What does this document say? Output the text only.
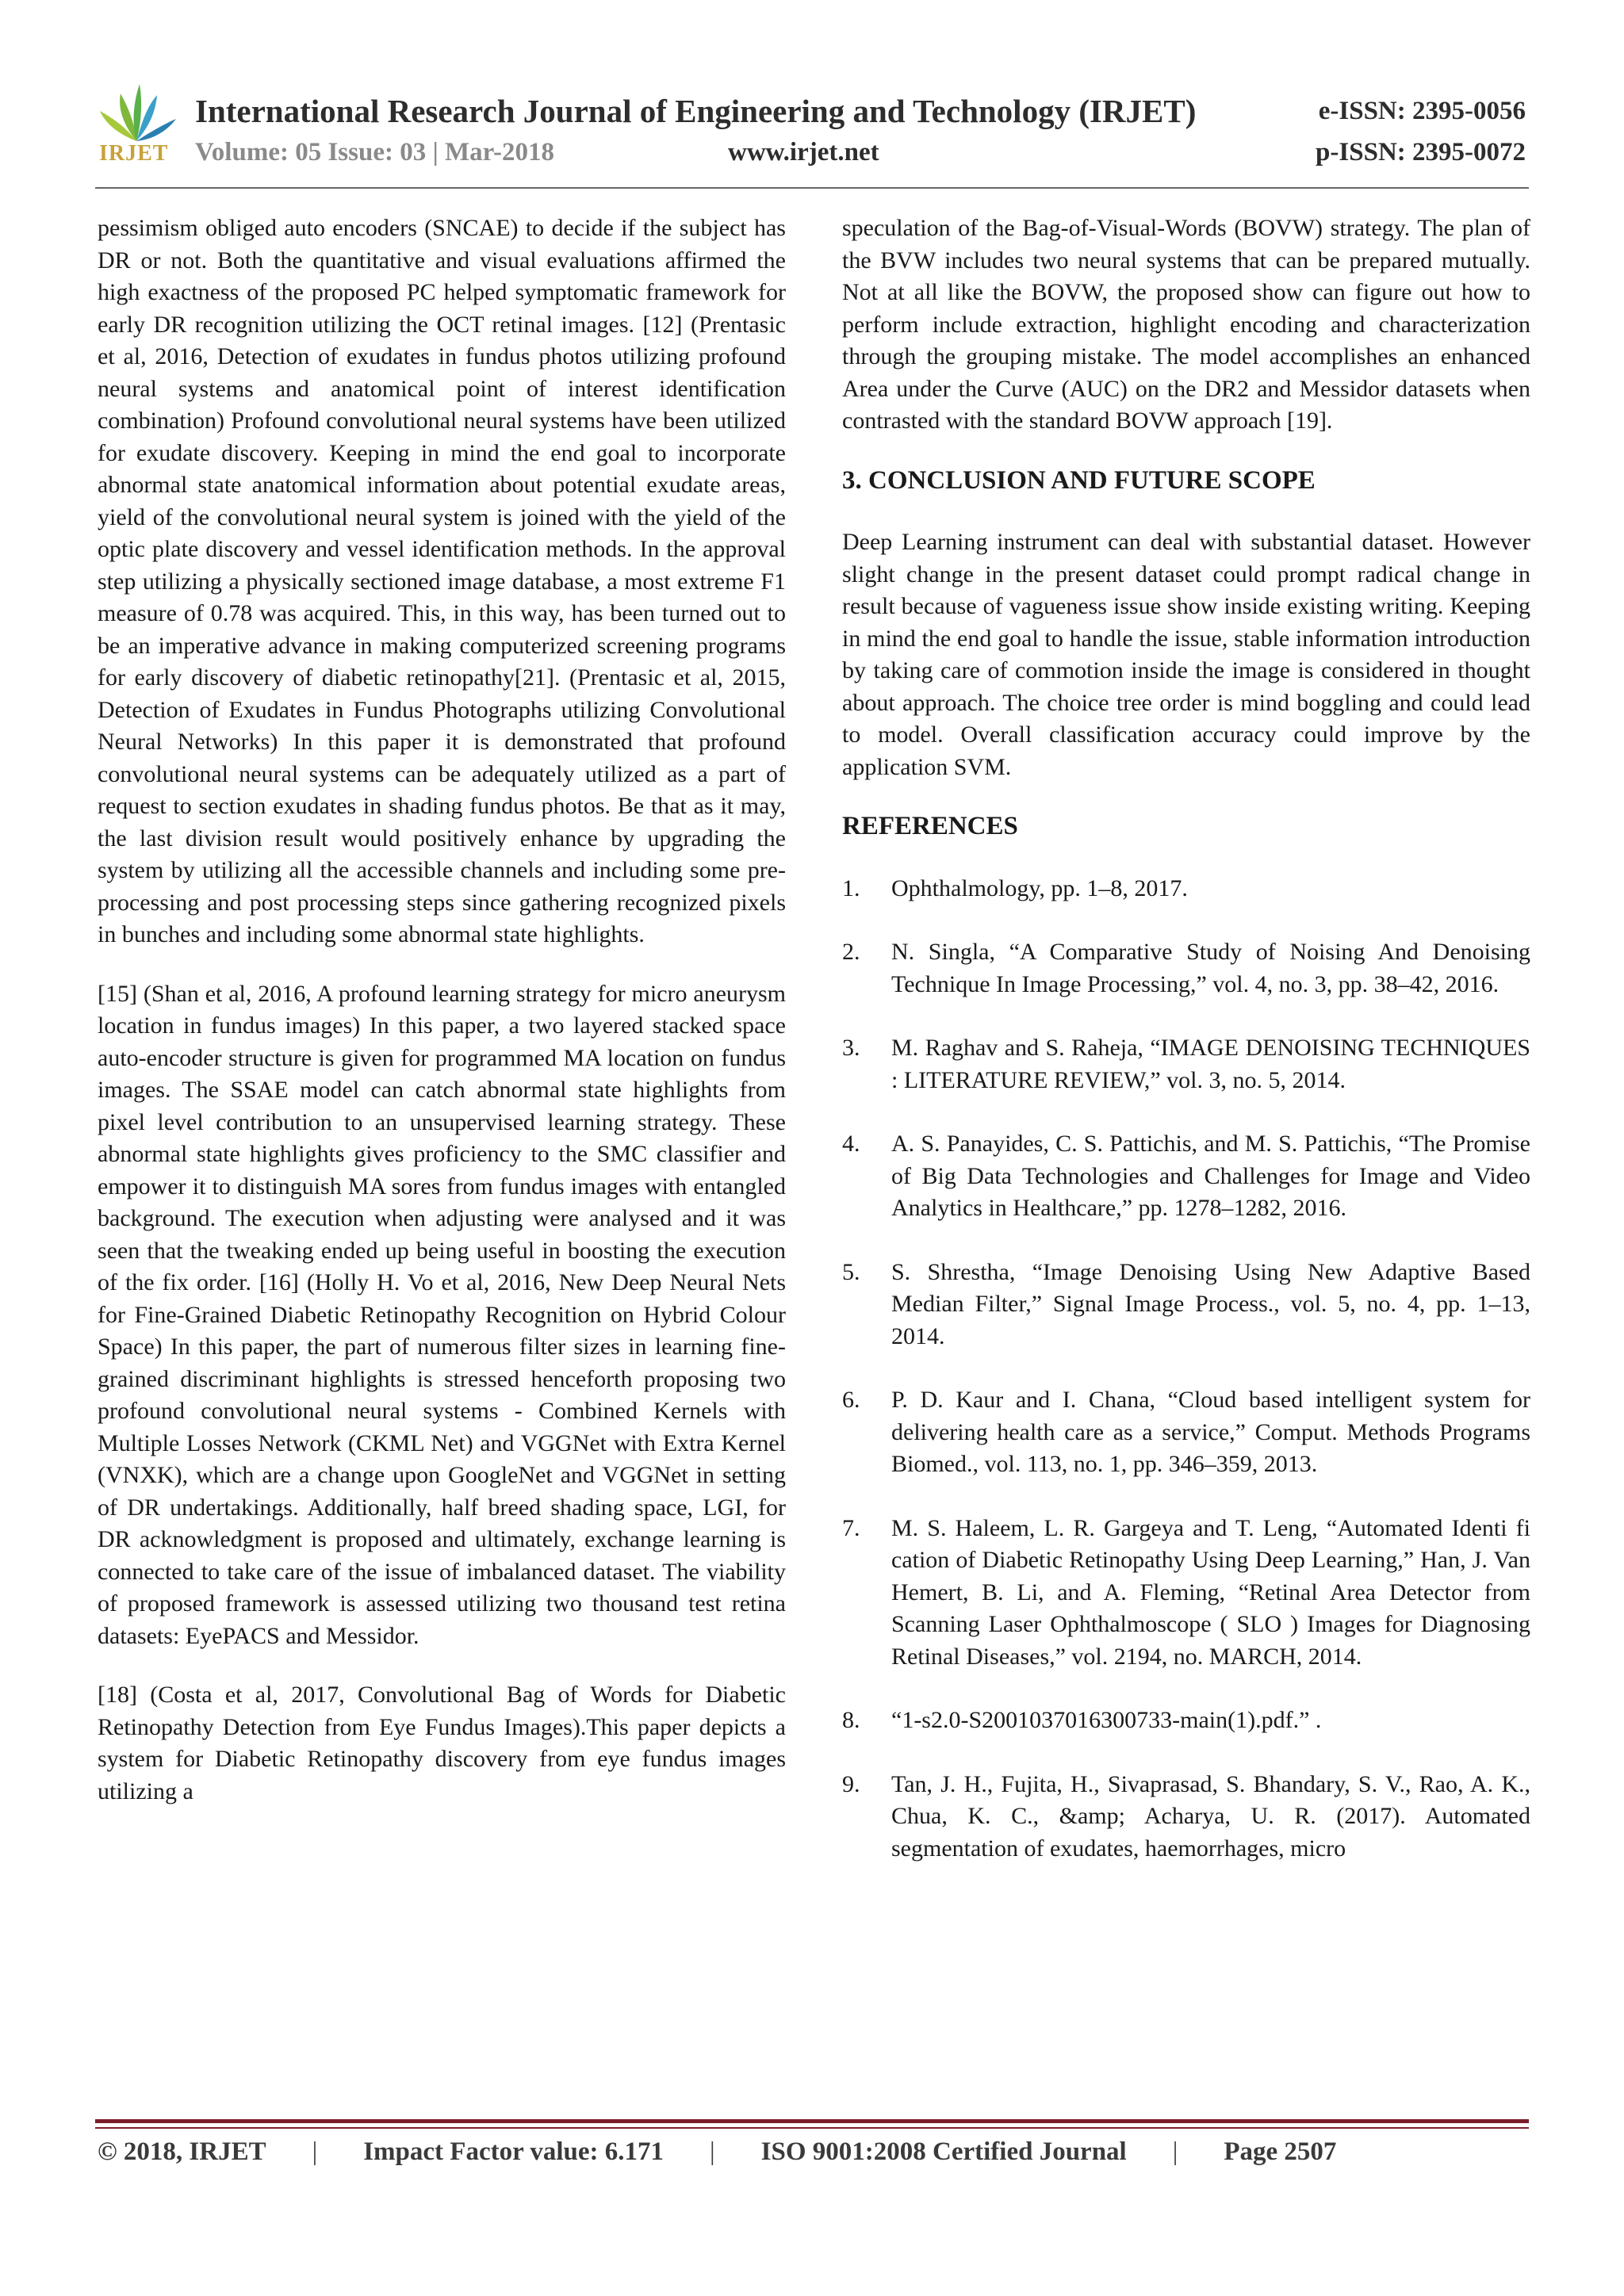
IRJET
International Research Journal of Engineering and Technology (IRJET)
Volume: 05 Issue: 03 | Mar-2018	www.irjet.net
e-ISSN: 2395-0056
p-ISSN: 2395-0072

pessimism obliged auto encoders (SNCAE) to decide if the subject has DR or not. Both the quantitative and visual evaluations affirmed the high exactness of the proposed PC helped symptomatic framework for early DR recognition utilizing the OCT retinal images. [12] (Prentasic et al, 2016, Detection of exudates in fundus photos utilizing profound neural systems and anatomical point of interest identification combination) Profound convolutional neural systems have been utilized for exudate discovery. Keeping in mind the end goal to incorporate abnormal state anatomical information about potential exudate areas, yield of the convolutional neural system is joined with the yield of the optic plate discovery and vessel identification methods. In the approval step utilizing a physically sectioned image database, a most extreme F1 measure of 0.78 was acquired. This, in this way, has been turned out to be an imperative advance in making computerized screening programs for early discovery of diabetic retinopathy[21]. (Prentasic et al, 2015, Detection of Exudates in Fundus Photographs utilizing Convolutional Neural Networks) In this paper it is demonstrated that profound convolutional neural systems can be adequately utilized as a part of request to section exudates in shading fundus photos. Be that as it may, the last division result would positively enhance by upgrading the system by utilizing all the accessible channels and including some pre-processing and post processing steps since gathering recognized pixels in bunches and including some abnormal state highlights.

[15] (Shan et al, 2016, A profound learning strategy for micro aneurysm location in fundus images) In this paper, a two layered stacked space auto-encoder structure is given for programmed MA location on fundus images. The SSAE model can catch abnormal state highlights from pixel level contribution to an unsupervised learning strategy. These abnormal state highlights gives proficiency to the SMC classifier and empower it to distinguish MA sores from fundus images with entangled background. The execution when adjusting were analysed and it was seen that the tweaking ended up being useful in boosting the execution of the fix order. [16] (Holly H. Vo et al, 2016, New Deep Neural Nets for Fine-Grained Diabetic Retinopathy Recognition on Hybrid Colour Space) In this paper, the part of numerous filter sizes in learning fine-grained discriminant highlights is stressed henceforth proposing two profound convolutional neural systems - Combined Kernels with Multiple Losses Network (CKML Net) and VGGNet with Extra Kernel (VNXK), which are a change upon GoogleNet and VGGNet in setting of DR undertakings. Additionally, half breed shading space, LGI, for DR acknowledgment is proposed and ultimately, exchange learning is connected to take care of the issue of imbalanced dataset. The viability of proposed framework is assessed utilizing two thousand test retina datasets: EyePACS and Messidor.

[18] (Costa et al, 2017, Convolutional Bag of Words for Diabetic Retinopathy Detection from Eye Fundus Images).This paper depicts a system for Diabetic Retinopathy discovery from eye fundus images utilizing a

speculation of the Bag-of-Visual-Words (BOVW) strategy. The plan of the BVW includes two neural systems that can be prepared mutually. Not at all like the BOVW, the proposed show can figure out how to perform include extraction, highlight encoding and characterization through the grouping mistake. The model accomplishes an enhanced Area under the Curve (AUC) on the DR2 and Messidor datasets when contrasted with the standard BOVW approach [19].

3. CONCLUSION AND FUTURE SCOPE

Deep Learning instrument can deal with substantial dataset. However slight change in the present dataset could prompt radical change in result because of vagueness issue show inside existing writing. Keeping in mind the end goal to handle the issue, stable information introduction by taking care of commotion inside the image is considered in thought about approach. The choice tree order is mind boggling and could lead to model. Overall classification accuracy could improve by the application SVM.

REFERENCES
1.	Ophthalmology, pp. 1–8, 2017.
2.	N. Singla, “A Comparative Study of Noising And Denoising Technique In Image Processing,” vol. 4, no. 3, pp. 38–42, 2016.
3.	M. Raghav and S. Raheja, “IMAGE DENOISING TECHNIQUES : LITERATURE REVIEW,” vol. 3, no. 5, 2014.
4.	A. S. Panayides, C. S. Pattichis, and M. S. Pattichis, “The Promise of Big Data Technologies and Challenges for Image and Video Analytics in Healthcare,” pp. 1278–1282, 2016.
5.	S. Shrestha, “Image Denoising Using New Adaptive Based Median Filter,” Signal Image Process., vol. 5, no. 4, pp. 1–13, 2014.
6.	P. D. Kaur and I. Chana, “Cloud based intelligent system for delivering health care as a service,” Comput. Methods Programs Biomed., vol. 113, no. 1, pp. 346–359, 2013.
7.	M. S. Haleem, L. R. Gargeya and T. Leng, “Automated Identi fi cation of Diabetic Retinopathy Using Deep Learning,” Han, J. Van Hemert, B. Li, and A. Fleming, “Retinal Area Detector from Scanning Laser Ophthalmoscope ( SLO ) Images for Diagnosing Retinal Diseases,” vol. 2194, no. MARCH, 2014.
8.	“1-s2.0-S2001037016300733-main(1).pdf.” .
9.	Tan, J. H., Fujita, H., Sivaprasad, S. Bhandary, S. V., Rao, A. K., Chua, K. C., &amp; Acharya, U. R. (2017). Automated segmentation of exudates, haemorrhages, micro
© 2018, IRJET | Impact Factor value: 6.171 | ISO 9001:2008 Certified Journal | Page 2507
